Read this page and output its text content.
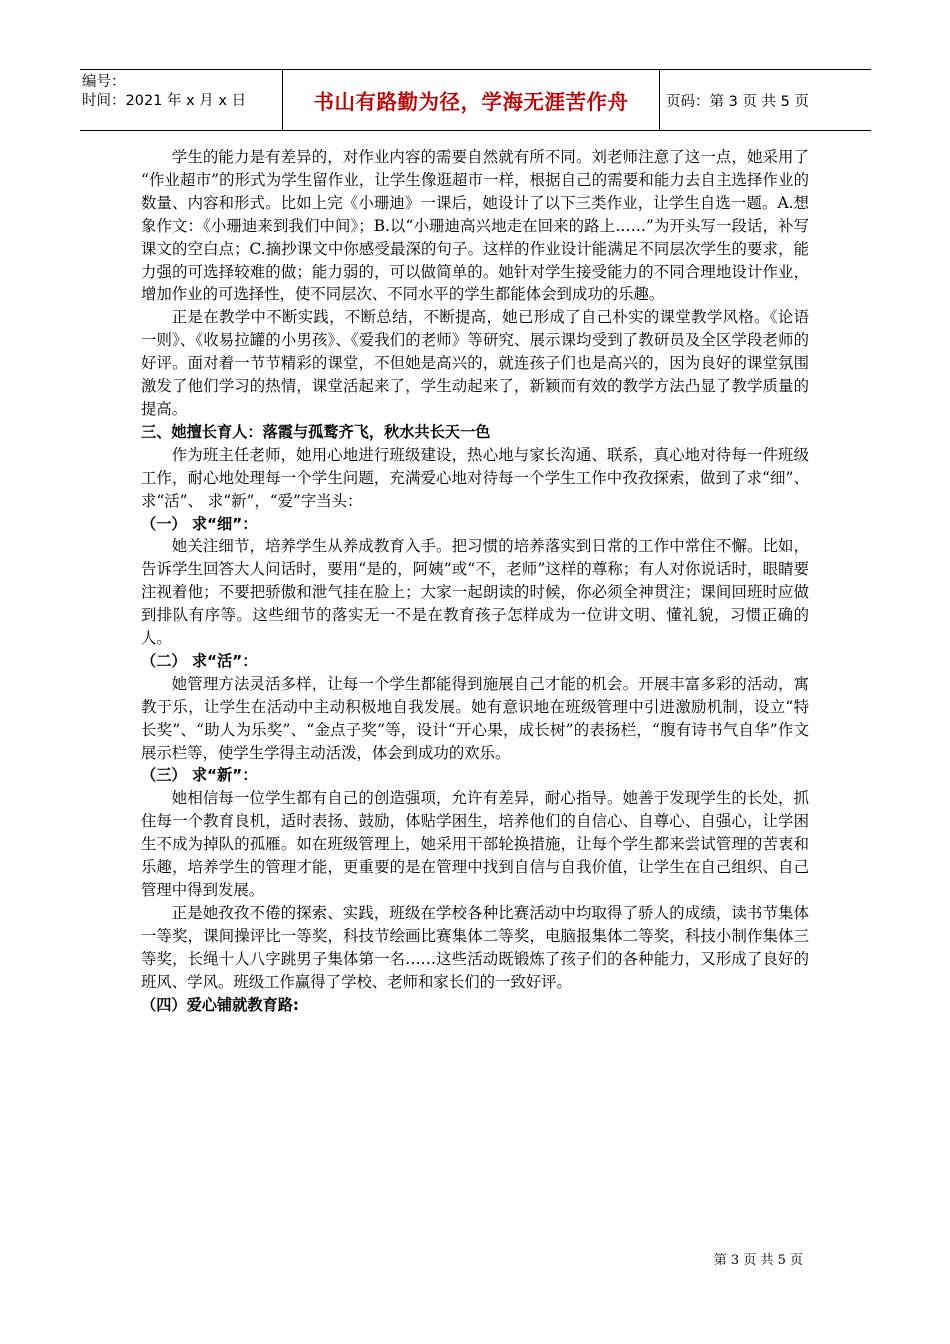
编号：
时间：2021 年 x 月 x 日	书山有路勤为径，学海无涯苦作舟	页码：第 3 页 共 5 页

学生的能力是有差异的，对作业内容的需要自然就有所不同。刘老师注意了这一点，她采用了 “作业超市”的形式为学生留作业，让学生像逛超市一样，根据自己的需要和能力去自主选择作业的数量、内容和形式。比如上完《小珊迪》一课后，她设计了以下三类作业，让学生自选一题。A.想象作文：《小珊迪来到我们中间》；B.以“小珊迪高兴地走在回来的路上……”为开头写一段话，补写课文的空白点；C.摘抄课文中你感受最深的句子。这样的作业设计能满足不同层次学生的要求，能力强的可选择较难的做；能力弱的，可以做简单的。她针对学生接受能力的不同合理地设计作业，增加作业的可选择性，使不同层次、不同水平的学生都能体会到成功的乐趣。

正是在教学中不断实践，不断总结，不断提高，她已形成了自己朴实的课堂教学风格。《论语一则》、《收易拉罐的小男孩》、《爱我们的老师》等研究、展示课均受到了教研员及全区学段老师的好评。面对着一节节精彩的课堂，不但她是高兴的，就连孩子们也是高兴的，因为良好的课堂氛围激发了他们学习的热情，课堂活起来了，学生动起来了，新颖而有效的教学方法凸显了教学质量的提高。

三、她擅长育人：落霞与孤鹜齐飞，秋水共长天一色

作为班主任老师，她用心地进行班级建设，热心地与家长沟通、联系，真心地对待每一件班级工作，耐心地处理每一个学生问题，充满爱心地对待每一个学生工作中孜孜探索，做到了求“细”、 求“活”、 求“新”，“爱”字当头：

（一） 求“细”：

她关注细节，培养学生从养成教育入手。把习惯的培养落实到日常的工作中常住不懈。比如，告诉学生回答大人问话时，要用“是的，阿姨”或“不，老师”这样的尊称；有人对你说话时，眼睛要注视着他；不要把骄傲和泄气挂在脸上；大家一起朗读的时候，你必须全神贯注；课间回班时应做到排队有序等。这些细节的落实无一不是在教育孩子怎样成为一位讲文明、懂礼貌，习惯正确的人。

（二） 求“活”：

她管理方法灵活多样，让每一个学生都能得到施展自己才能的机会。开展丰富多彩的活动，寓教于乐，让学生在活动中主动积极地自我发展。她有意识地在班级管理中引进激励机制，设立“特长奖”、“助人为乐奖”、“金点子奖”等，设计“开心果，成长树”的表扬栏，“腹有诗书气自华”作文展示栏等，使学生学得主动活泼，体会到成功的欢乐。

（三） 求“新”：

她相信每一位学生都有自己的创造强项，允许有差异，耐心指导。她善于发现学生的长处，抓住每一个教育良机，适时表扬、鼓励，体贴学困生，培养他们的自信心、自尊心、自强心，让学困生不成为掉队的孤雁。如在班级管理上，她采用干部轮换措施，让每个学生都来尝试管理的苦衷和乐趣，培养学生的管理才能，更重要的是在管理中找到自信与自我价值，让学生在自己组织、自己管理中得到发展。

正是她孜孜不倦的探索、实践，班级在学校各种比赛活动中均取得了骄人的成绩，读书节集体一等奖，课间操评比一等奖，科技节绘画比赛集体二等奖，电脑报集体二等奖，科技小制作集体三等奖，长绳十人八字跳男子集体第一名……这些活动既锻炼了孩子们的各种能力，又形成了良好的班风、学风。班级工作赢得了学校、老师和家长们的一致好评。

（四）爱心铺就教育路:

第 3 页 共 5 页
